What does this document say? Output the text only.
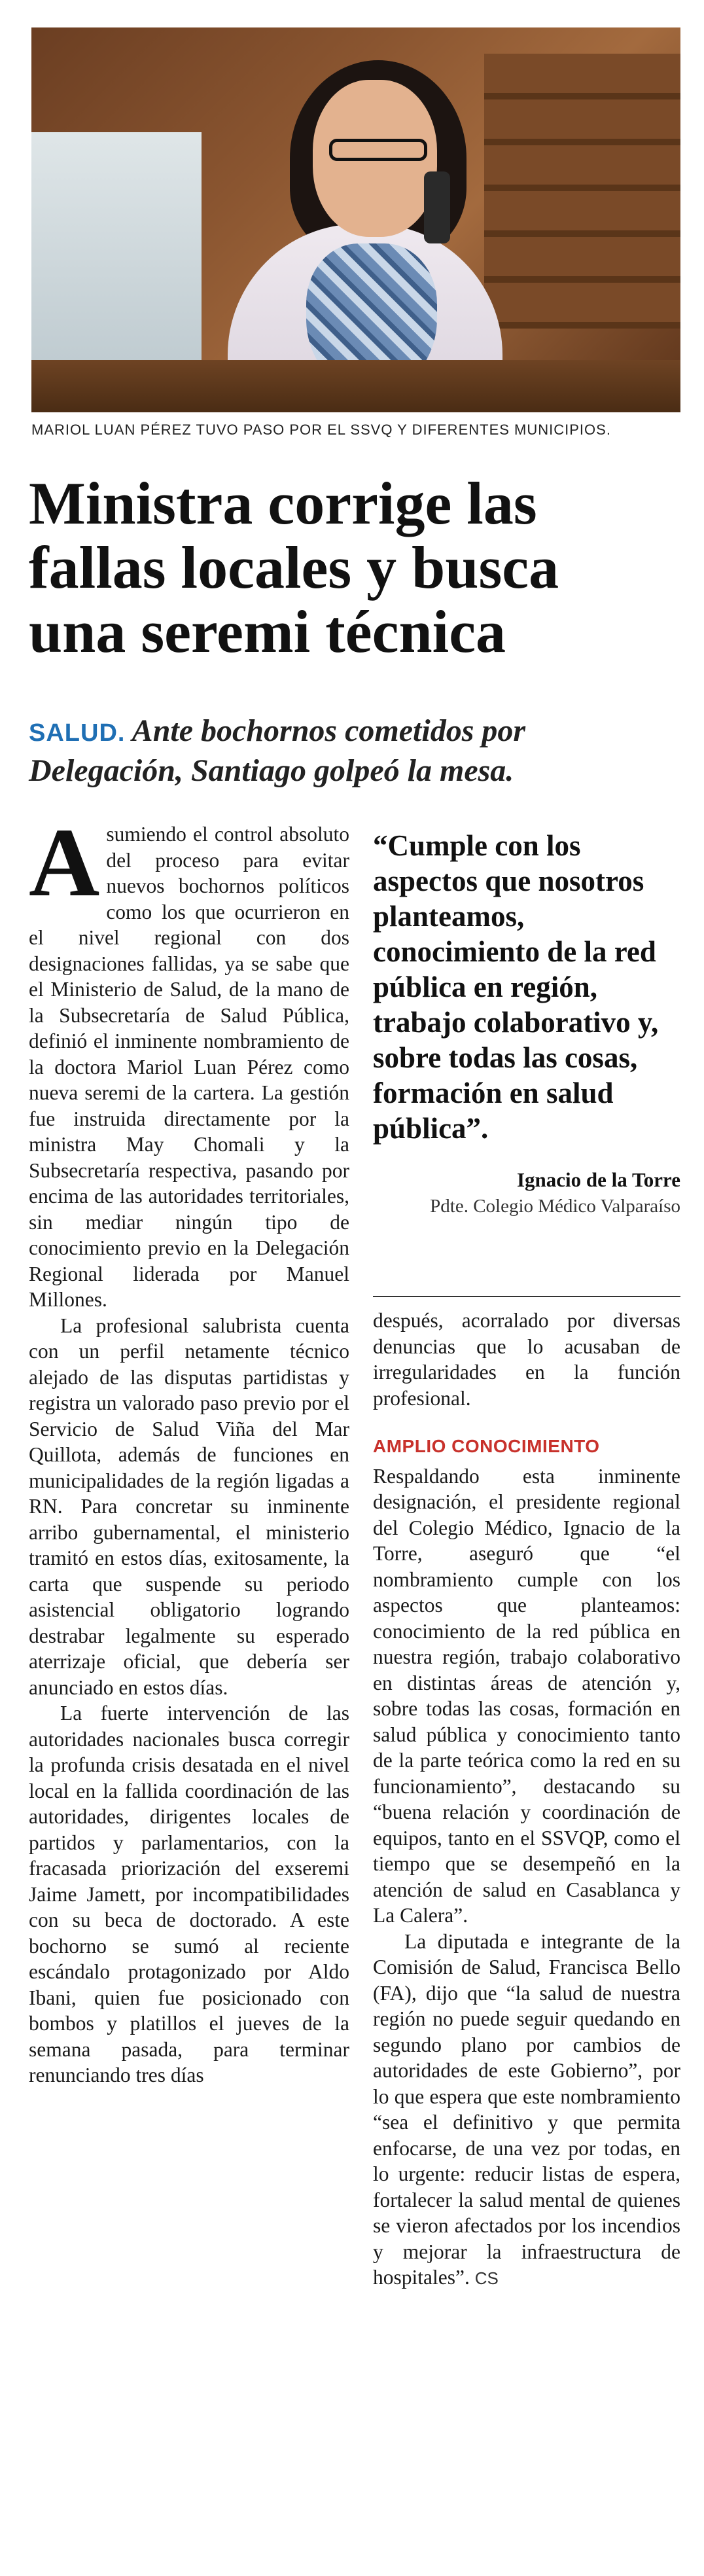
MARIOL LUAN PÉREZ TUVO PASO POR EL SSVQ Y DIFERENTES MUNICIPIOS.
Ministra corrige las
fallas locales y busca
una seremi técnica
SALUD. Ante bochornos cometidos por Delegación, Santiago golpeó la mesa.

Asumiendo el control absoluto del proceso para evitar nuevos bochornos políticos como los que ocurrieron en el nivel regional con dos designaciones fallidas, ya se sabe que el Ministerio de Salud, de la mano de la Subsecretaría de Salud Pública, definió el inminente nombramiento de la doctora Mariol Luan Pérez como nueva seremi de la cartera. La gestión fue instruida directamente por la ministra May Chomali y la Subsecretaría respectiva, pasando por encima de las autoridades territoriales, sin mediar ningún tipo de conocimiento previo en la Delegación Regional liderada por Manuel Millones.

La profesional salubrista cuenta con un perfil netamente técnico alejado de las disputas partidistas y registra un valorado paso previo por el Servicio de Salud Viña del Mar Quillota, además de funciones en municipalidades de la región ligadas a RN. Para concretar su inminente arribo gubernamental, el ministerio tramitó en estos días, exitosamente, la carta que suspende su periodo asistencial obligatorio logrando destrabar legalmente su esperado aterrizaje oficial, que debería ser anunciado en estos días.

La fuerte intervención de las autoridades nacionales busca corregir la profunda crisis desatada en el nivel local en la fallida coordinación de las autoridades, dirigentes locales de partidos y parlamentarios, con la fracasada priorización del exseremi Jaime Jamett, por incompatibilidades con su beca de doctorado. A este bochorno se sumó al reciente escándalo protagonizado por Aldo Ibani, quien fue posicionado con bombos y platillos el jueves de la semana pasada, para terminar renunciando tres días

“Cumple con los aspectos que nosotros planteamos, conocimiento de la red pública en región, trabajo colaborativo y, sobre todas las cosas, formación en salud pública”.

Ignacio de la Torre
Pdte. Colegio Médico Valparaíso

después, acorralado por diversas denuncias que lo acusaban de irregularidades en la función profesional.

AMPLIO CONOCIMIENTO

Respaldando esta inminente designación, el presidente regional del Colegio Médico, Ignacio de la Torre, aseguró que “el nombramiento cumple con los aspectos que planteamos: conocimiento de la red pública en nuestra región, trabajo colaborativo en distintas áreas de atención y, sobre todas las cosas, formación en salud pública y conocimiento tanto de la parte teórica como la red en su funcionamiento”, destacando su “buena relación y coordinación de equipos, tanto en el SSVQP, como el tiempo que se desempeñó en la atención de salud en Casablanca y La Calera”.

La diputada e integrante de la Comisión de Salud, Francisca Bello (FA), dijo que “la salud de nuestra región no puede seguir quedando en segundo plano por cambios de autoridades de este Gobierno”, por lo que espera que este nombramiento “sea el definitivo y que permita enfocarse, de una vez por todas, en lo urgente: reducir listas de espera, fortalecer la salud mental de quienes se vieron afectados por los incendios y mejorar la infraestructura de hospitales”. CS
